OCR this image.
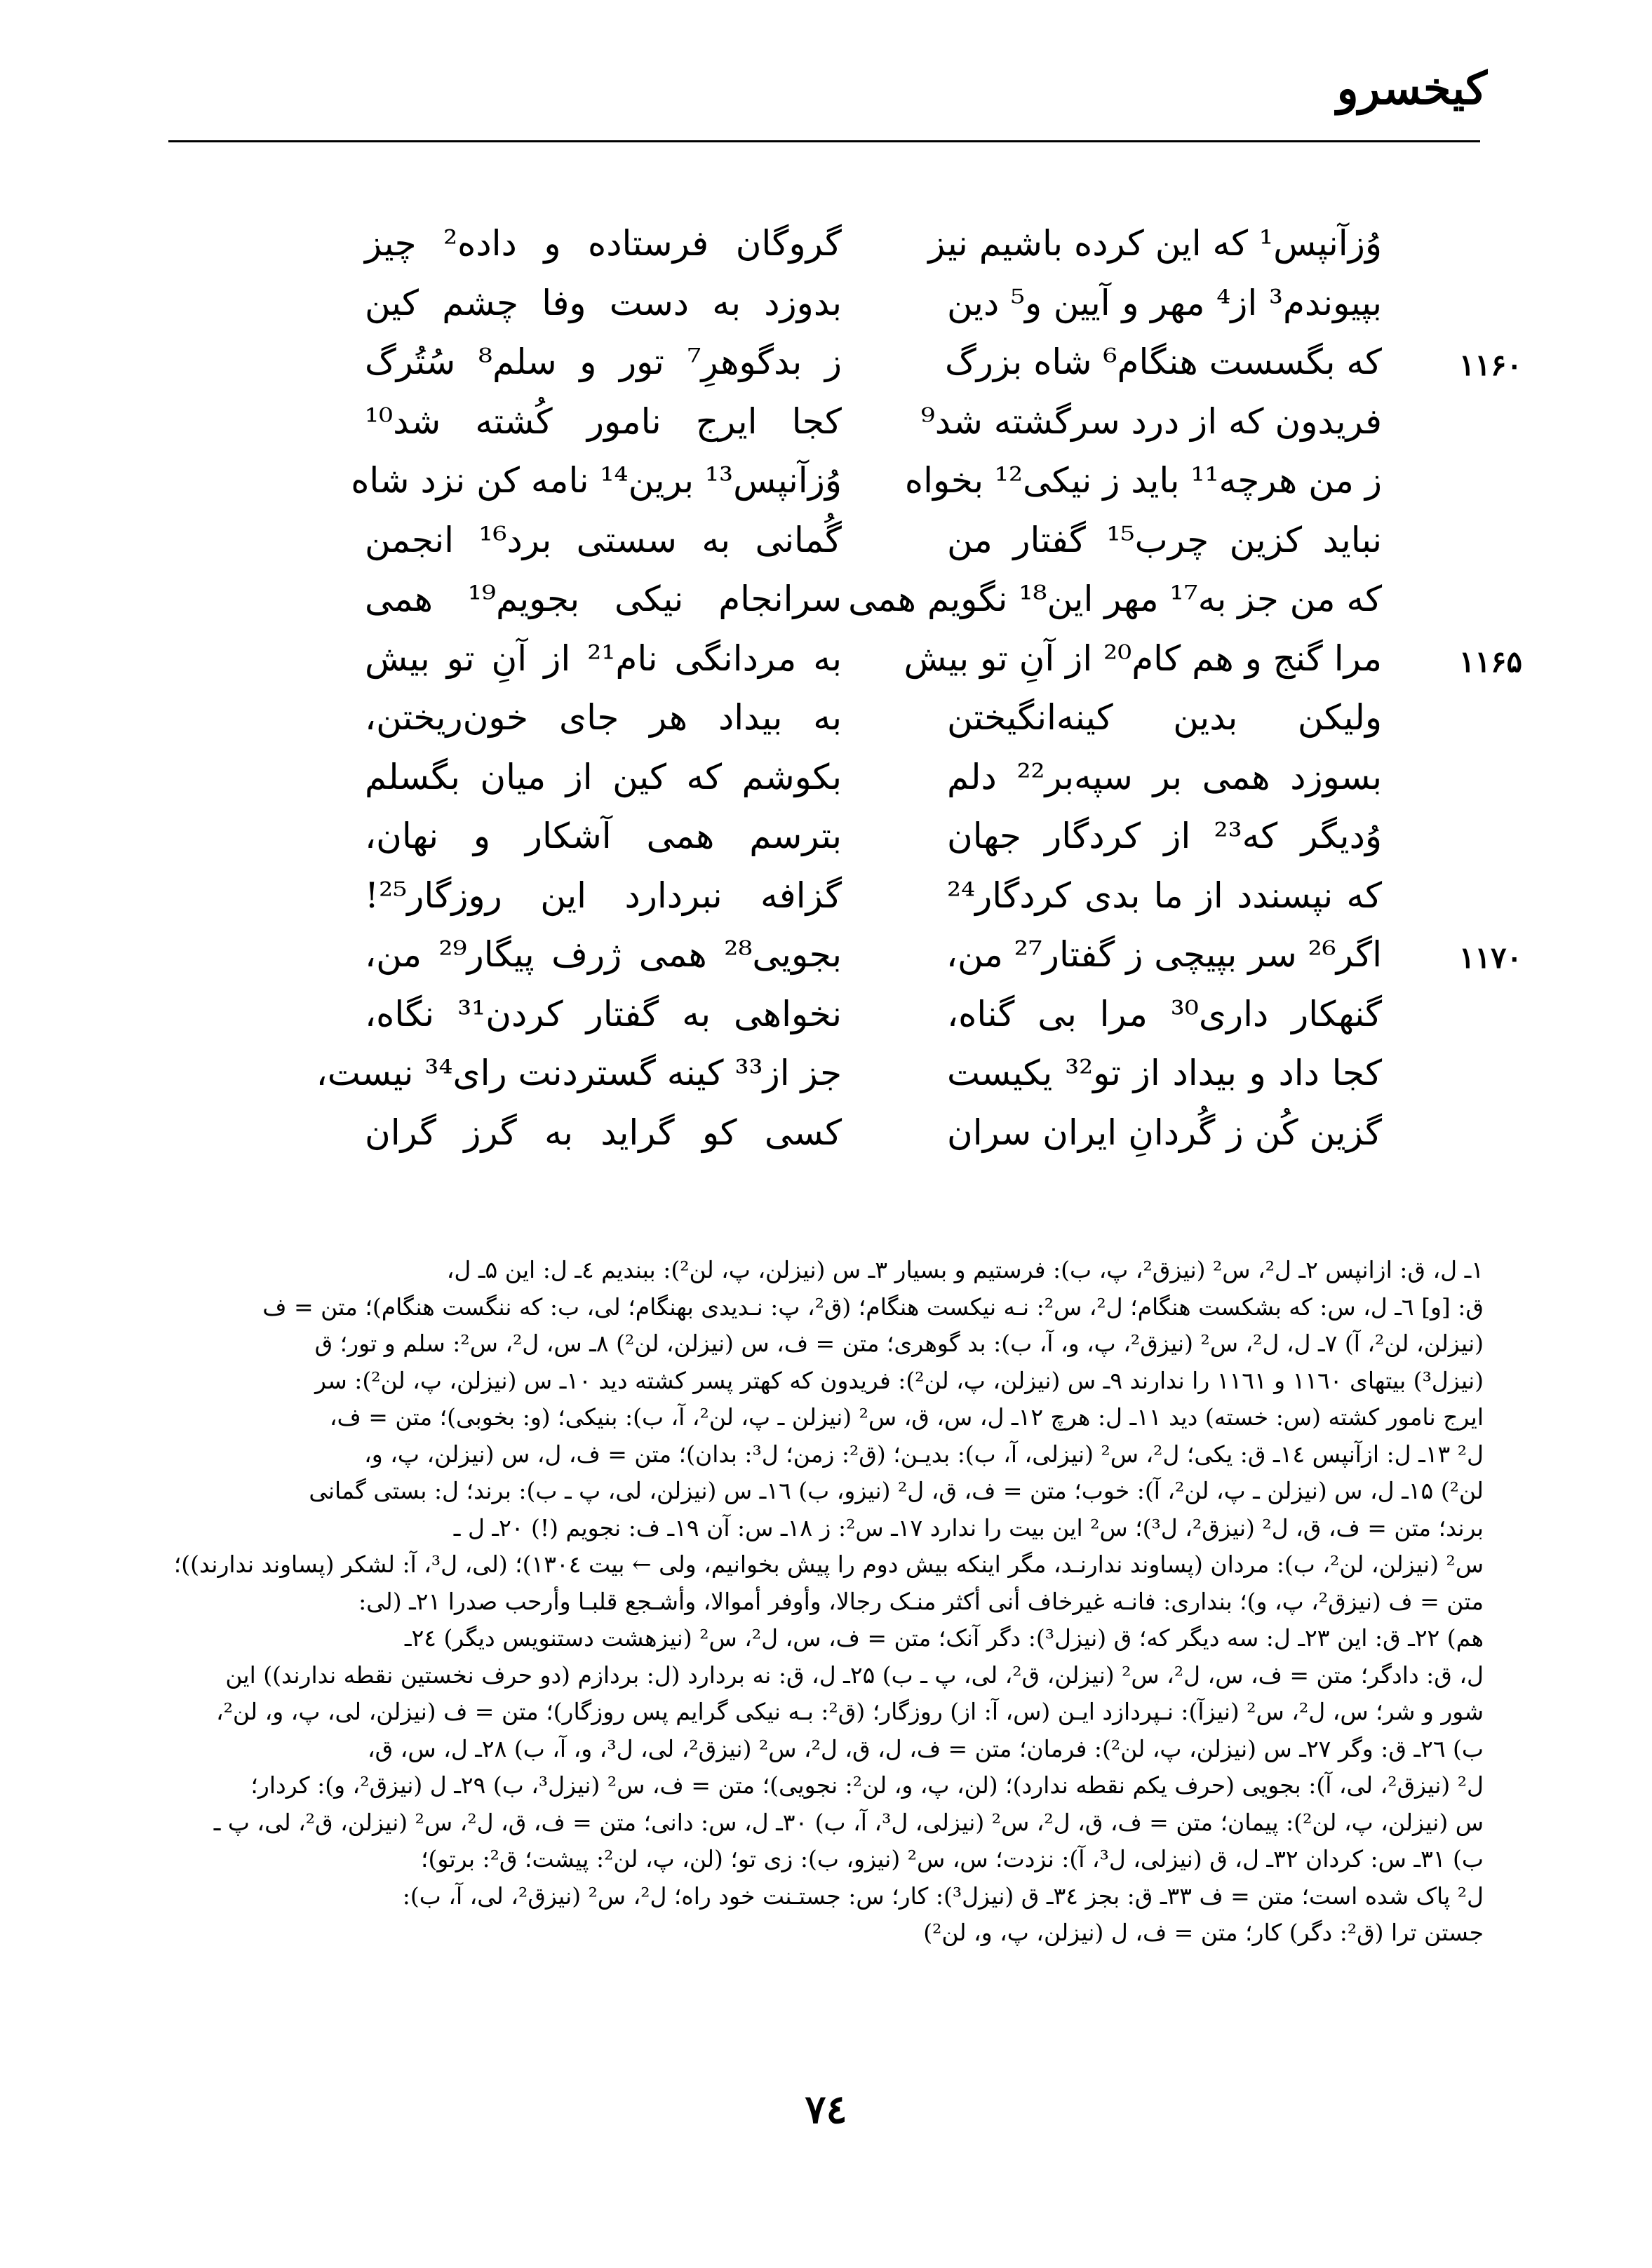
کیخسرو
وُزآنپس¹ که این کرده باشیم نیز
گروگان فرستاده و داده² چیز
بپیوندم³ از⁴ مهر و آیین و⁵ دین
بدوزد به دست وفا چشم کین
۱۱۶۰
که بگسست هنگام⁶ شاه بزرگ
ز بدگوهرِ⁷ تور و سلم⁸ سُتُرگ
فریدون که از درد سرگشته شد⁹
کجا ایرج نامور کُشته شد¹⁰
ز من هرچه¹¹ باید ز نیکی¹² بخواه
وُزآنپس¹³ برین¹⁴ نامه کن نزد شاه
نباید کزین چرب¹⁵ گفتار من
گُمانی به سستی برد¹⁶ انجمن
که من جز به¹⁷ مهر این¹⁸ نگویم همی
سرانجام نیکی بجویم¹⁹ همی
۱۱۶۵
مرا گنج و هم کام²⁰ از آنِ تو بیش
به مردانگی نام²¹ از آنِ تو بیش
ولیکن بدین کینه‌انگیختن
به بیداد هر جای خون‌ریختن،
بسوزد همی بر سپه‌بر²² دلم
بکوشم که کین از میان بگسلم
وُدیگر که²³ از کردگار جهان
بترسم همی آشکار و نهان،
که نپسندد از ما بدی کردگار²⁴
گزافه نبردارد این روزگار²⁵!
۱۱۷۰
اگر²⁶ سر بپیچی ز گفتار²⁷ من،
بجویی²⁸ همی ژرف پیگار²⁹ من،
گنهکار داری³⁰ مرا بی گناه،
نخواهی به گفتار کردن³¹ نگاه،
کجا داد و بیداد از تو³² یکیست
جز از³³ کینه گستردنت رای³⁴ نیست،
گزین کُن ز گُردانِ ایران سران
کسی کو گراید به گرز گران
۱ـ ل، ق: ازانپس ۲ـ ل²، س² (نیزق²، پ، ب): فرستیم و بسیار ۳ـ س (نیزلن، پ، لن²): ببندیم ٤ـ ل: این ۵ـ ل،
ق: [و] ٦ـ ل، س: که بشکست هنگام؛ ل²، س²: نـه نیکست هنگام؛ (ق²، پ: نـدیدی بهنگام؛ لی، ب: که ننگست هنگام)؛ متن = ف
(نیزلن، لن²، آ) ۷ـ ل، ل²، س² (نیزق²، پ، و، آ، ب): بد گوهری؛ متن = ف، س (نیزلن، لن²) ۸ـ س، ل²، س²: سلم و تور؛ ق
(نیزل³) بیتهای ۱۱٦۰ و ۱۱٦۱ را ندارند ۹ـ س (نیزلن، پ، لن²): فریدون که کهتر پسر کشته دید ۱۰ـ س (نیزلن، پ، لن²): سر
ایرج نامور کشته (س: خسته) دید ۱۱ـ ل: هرچ ۱۲ـ ل، س، ق، س² (نیزلن ـ پ، لن²، آ، ب): بنیکی؛ (و: بخوبی)؛ متن = ف،
ل² ۱۳ـ ل: ازآنپس ۱٤ـ ق: یکی؛ ل²، س² (نیزلی، آ، ب): بدیـن؛ (ق²: زمن؛ ل³: بدان)؛ متن = ف، ل، س (نیزلن، پ، و،
لن²) ۱۵ـ ل، س (نیزلن ـ پ، لن²، آ): خوب؛ متن = ف، ق، ل² (نیزو، ب) ۱٦ـ س (نیزلن، لی، پ ـ ب): برند؛ ل: بستی گمانی
برند؛ متن = ف، ق، ل² (نیزق²، ل³)؛ س² این بیت را ندارد ۱۷ـ س²: ز ۱۸ـ س: آن ۱۹ـ ف: نجویم (!) ۲۰ـ ل ـ
س² (نیزلن، لن²، ب): مردان (پساوند ندارنـد، مگر اینکه بیش دوم را پیش بخوانیم، ولی ← بیت ۱۳۰٤)؛ (لی، ل³، آ: لشکر (پساوند ندارند))؛
متن = ف (نیزق²، پ، و)؛ بنداری: فانـه غیرخاف أنی أکثر منـک رجالا، وأوفر أموالا، وأشـجع قلبـا وأرحب صدرا ۲۱ـ (لی:
هم) ۲۲ـ ق: این ۲۳ـ ل: سه دیگر که؛ ق (نیزل³): دگر آنک؛ متن = ف، س، ل²، س² (نیزهشت دستنویس دیگر) ۲٤ـ
ل، ق: دادگر؛ متن = ف، س، ل²، س² (نیزلن، ق²، لی، پ ـ ب) ۲۵ـ ل، ق: نه بردارد (ل: بردازم (دو حرف نخستین نقطه ندارند)) این
شور و شر؛ س، ل²، س² (نیزآ): نـپردازد ایـن (س، آ: از) روزگار؛ (ق²: بـه نیکی گرایم پس روزگار)؛ متن = ف (نیزلن، لی، پ، و، لن²،
ب) ۲٦ـ ق: وگر ۲۷ـ س (نیزلن، پ، لن²): فرمان؛ متن = ف، ل، ق، ل²، س² (نیزق²، لی، ل³، و، آ، ب) ۲۸ـ ل، س، ق،
ل² (نیزق²، لی، آ): بجویی (حرف یکم نقطه ندارد)؛ (لن، پ، و، لن²: نجویی)؛ متن = ف، س² (نیزل³، ب) ۲۹ـ ل (نیزق²، و): کردار؛
س (نیزلن، پ، لن²): پیمان؛ متن = ف، ق، ل²، س² (نیزلی، ل³، آ، ب) ۳۰ـ ل، س: دانی؛ متن = ف، ق، ل²، س² (نیزلن، ق²، لی، پ ـ
ب) ۳۱ـ س: کردان ۳۲ـ ل، ق (نیزلی، ل³، آ): نزدت؛ س، س² (نیزو، ب): زی تو؛ (لن، پ، لن²: پیشت؛ ق²: برتو)؛
ل² پاک شده است؛ متن = ف ۳۳ـ ق: بجز ۳٤ـ ق (نیزل³): کار؛ س: جستـنت خود راه؛ ل²، س² (نیزق²، لی، آ، ب):
جستن ترا (ق²: دگر) کار؛ متن = ف، ل (نیزلن، پ، و، لن²)
۷٤
